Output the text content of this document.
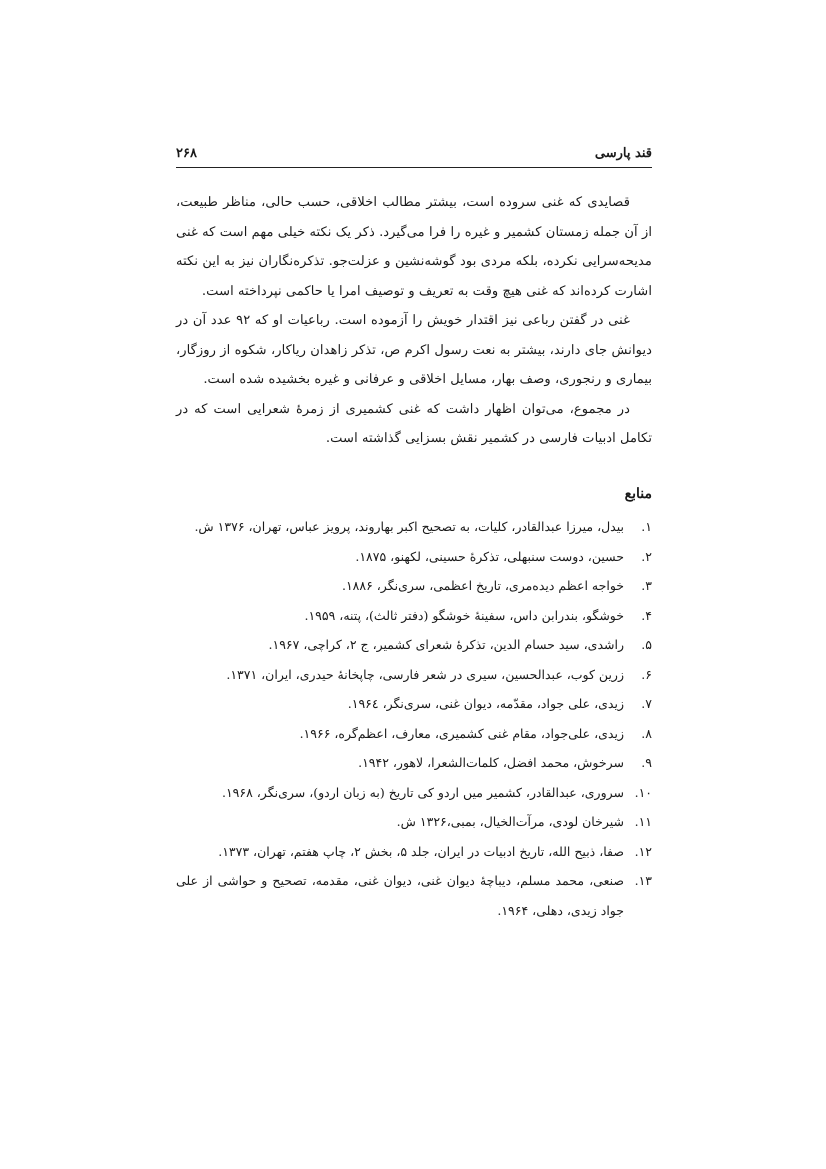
قند پارسی
۲۶۸

قصایدی که غنی سروده است، بیشتر مطالب اخلاقی، حسب حالی، مناظر طبیعت، از آن جمله زمستان کشمیر و غیره را فرا می‌گیرد. ذکر یک نکته خیلی مهم است که غنی مدیحه‌سرایی نکرده، بلکه مردی بود گوشه‌نشین و عزلت‌جو. تذکره‌نگاران نیز به این نکته اشارت کرده‌اند که غنی هیچ وقت به تعریف و توصیف امرا یا حاکمی نپرداخته است.

غنی در گفتن رباعی نیز اقتدار خویش را آزموده است. رباعیات او که ۹۲ عدد آن در دیوانش جای دارند، بیشتر به نعت رسول اکرم ص، تذکر زاهدان ریاکار، شکوه از روزگار، بیماری و رنجوری، وصف بهار، مسایل اخلاقی و عرفانی و غیره بخشیده شده است.

در مجموع، می‌توان اظهار داشت که غنی کشمیری از زمرهٔ شعرایی است که در تکامل ادبیات فارسی در کشمیر نقش بسزایی گذاشته است.

منابع
۱.
بیدل، میرزا عبدالقادر، کلیات، به تصحیح اکبر بهاروند، پرویز عباس، تهران، ۱۳۷۶ ش.
۲.
حسین، دوست سنبهلی، تذکرهٔ حسینی، لکهنو، ۱۸۷۵.
۳.
خواجه اعظم دیده‌مری، تاریخ اعظمی، سری‌نگر، ۱۸۸۶.
۴.
خوشگو، بندرابن داس، سفینهٔ خوشگو (دفتر ثالث)، پتنه، ۱۹۵۹.
۵.
راشدی، سید حسام الدین، تذکرهٔ شعرای کشمیر، ج ۲، کراچی، ۱۹۶۷.
۶.
زرین کوب، عبدالحسین، سیری در شعر فارسی، چاپخانهٔ حیدری، ایران، ۱۳۷۱.
۷.
زیدی، علی جواد، مقدّمه، دیوان غنی، سری‌نگر، ۱۹۶٤.
۸.
زیدی، علی‌جواد، مقام غنی کشمیری، معارف، اعظم‌گره، ۱۹۶۶.
۹.
سرخوش، محمد افضل، کلمات‌الشعرا، لاهور، ۱۹۴۲.
۱۰.
سروری، عبدالقادر، کشمیر میں اردو کی تاریخ (به زبان اردو)، سری‌نگر، ۱۹۶۸.
۱۱.
شیرخان لودی، مرآت‌الخیال، بمبی،۱۳۲۶ ش.
۱۲.
صفا، ذبیح الله، تاریخ ادبیات در ایران، جلد ۵، بخش ۲، چاپ هفتم، تهران، ۱۳۷۳.
۱۳.
صنعی، محمد مسلم، دیباچهٔ دیوان غنی، دیوان غنی، مقدمه، تصحیح و حواشی از علی جواد زیدی، دهلی، ۱۹۶۴.
